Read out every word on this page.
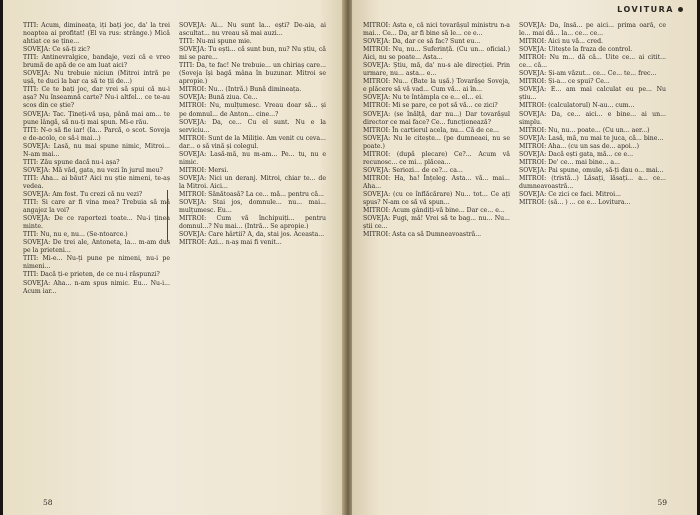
TITI: Acum, dimineața, iți bați joc, da' la trei noaptea ai profitat! (El va rus: strânge.) Mică ahtiat ce se ține...

SOVEJA: Ce să-ți zic?

TITI: Antinevralgice, bandaje, vezi că e vreo brumă de apă de ce am luat aici?

SOVEJA: Nu trebuie niciun (Mitroi intră pe ușă, te duci la bar ca să te ții de...)

TITI: Ce te bați joc, dar vrei să spui că nu-i așa? Nu înseamnă carte? Nu-i altfel... ce te-au scos din ce știe?

SOVEJA: Tac. Țineți-vă ușa, până mai am... te pune lângă, să nu-ți mai spun. Mi-e rău.

TITI: N-o să fie iar! (Ia... Parcă, o scot. Soveja e de-acolo, ce să-i mai...)

SOVEJA: Lasă, nu mai spune nimic, Mitroi... N-am mai...

TITI: Zău spune dacă nu-i așa?

SOVEJA: Mă văd, gata, nu vezi în jurul meu?

TITI: Aha... ai băut? Aici nu știe nimeni, te-aș vedea.

SOVEJA: Am fost. Tu crezi că nu vezi?

TITI: Si care ar fi vina mea? Trebuia să mă angajez la voi?

SOVEJA: De ce raportezi toate... Nu-i ținea minte.

TITI: Nu, nu e, nu... (Se-ntoarce.)

SOVEJA: De trei ale, Antoneta, la... m-am dus pe la prieteni...

TITI: Mi-e... Nu-ți pune pe nimeni, nu-i pe nimeni...

TITI: Dacă ți-e prieten, de ce nu-i răspunzi?

SOVEJA: Aha... n-am spus nimic. Eu... Nu-i... Acum iar...

SOVEJA: Ai... Nu sunt la... ești? De-aia, ai ascultat... nu vreau să mai auzi...

TITI: Nu-mi spune mie.

SOVEJA: Tu ești... că sunt bun, nu? Nu știu, că mi se pare...

TITI: Da, te fac! Ne trebuie... un chiriaș care... (Soveja își bagă mâna în buzunar. Mitroi se apropie.)

MITROI: Nu... (Intră.) Bună dimineața.

SOVEJA: Bună ziua. Ce...

MITROI: Nu, mulțumesc. Vreau doar să... și pe domnul... de Anton... cine...?

SOVEJA: Da, ce... Cu el sunt. Nu e la serviciu...

MITROI: Sunt de la Miliție. Am venit cu ceva... dar... o să vină și colegul.

SOVEJA: Lasă-mă, nu m-am... Pe... tu, nu e nimic.

MITROI: Mersi.

SOVEJA: Nici un deranj. Mitroi, chiar te... de la Mitroi. Aici...

MITROI: Sănătoasă? La ce... mă... pentru că...

SOVEJA: Stai jos, domnule... nu... mai... mulțumesc. Eu...

MITROI: Cum vă închipuiți... pentru domnul...? Nu mai... (Intră... Se apropie.)

SOVEJA: Care hârtii? A, da, stai jos. Aceasta...

MITROI: Azi... n-aș mai fi venit...

58
LOVITURA

MITROI: Asta e, că nici tovarășul ministru n-a mai... Ce... Da, ar fi bine să le... ce e...

SOVEJA: Da, dar ce să fac? Sunt eu...

MITROI: Nu, nu... Suferință. (Cu un... oficial.) Aici, nu se poate... Asta...

SOVEJA: Știu, mă, da' nu-s ale direcției. Prin urmare, nu... asta... e...

MITROI: Nu... (Bate la ușă.) Tovarășe Soveja, e plăcere să vă vad... Cum vă... ai în...

SOVEJA: Nu te întâmpla ce e... el... ei.

MITROI: Mi se pare, ce pot să vă... ce zici?

SOVEJA: (se înălță, dar nu...) Dar tovarășul director ce mai face? Ce... funcționează?

MITROI: În cartierul acela, nu... Că de ce...

SOVEJA: Nu le citește... (pe dumneaei, nu se poate.)

MITROI: (după plecare) Ce?... Acum vă recunosc... ce mi... plăcea...

SOVEJA: Seriozi... de ce?... ca...

MITROI: Ha, ha! Înțeleg. Asta... vă... mai... Aha...

SOVEJA: (cu ce înflăcărare) Nu... tot... Ce ați spus? N-am ce să vă spun...

MITROI: Acum gândiți-vă bine... Dar ce... e...

SOVEJA: Fugi, mă! Vrei să te bag... nu... Nu... știi ce...

MITROI: Asta ca să Dumneavoastră...

SOVEJA: Da, însă... pe aici... prima oară, ce le... mai dă... la... ce... ce...

MITROI: Aici nu vă... cred.

SOVEJA: Uitește la fraza de control.

MITROI: Nu m... dă că... Uite ce... ai citit... ce... că...

SOVEJA: Și-am văzut... ce... Ce... te... frec...

MITROI: Și-a... ce spui? Ce...

SOVEJA: E... am mai calculat eu pe... Nu știu...

MITROI: (calculatorul) N-au... cum...

SOVEJA: Da, ce... aici... e bine... ai un... simplu.

MITROI: Nu, nu... poate... (Cu un... aer...)

SOVEJA: Lasă, mă, nu mai te juca, că... bine...

MITROI: Aha... (cu un sas de... apoi...)

SOVEJA: Dacă ești gata, mă... ce e...

MITROI: De' ce... mai bine... a...

SOVEJA: Pai spune, omule, să-ți dau o... mai...

MITROI: (tristă...) Lăsați, lăsați... a... ce... dumneavoastră...

SOVEJA: Ce zici ce faci. Mitroi...

MITROI: (să... ) ... ce e... Lovitura...

59
